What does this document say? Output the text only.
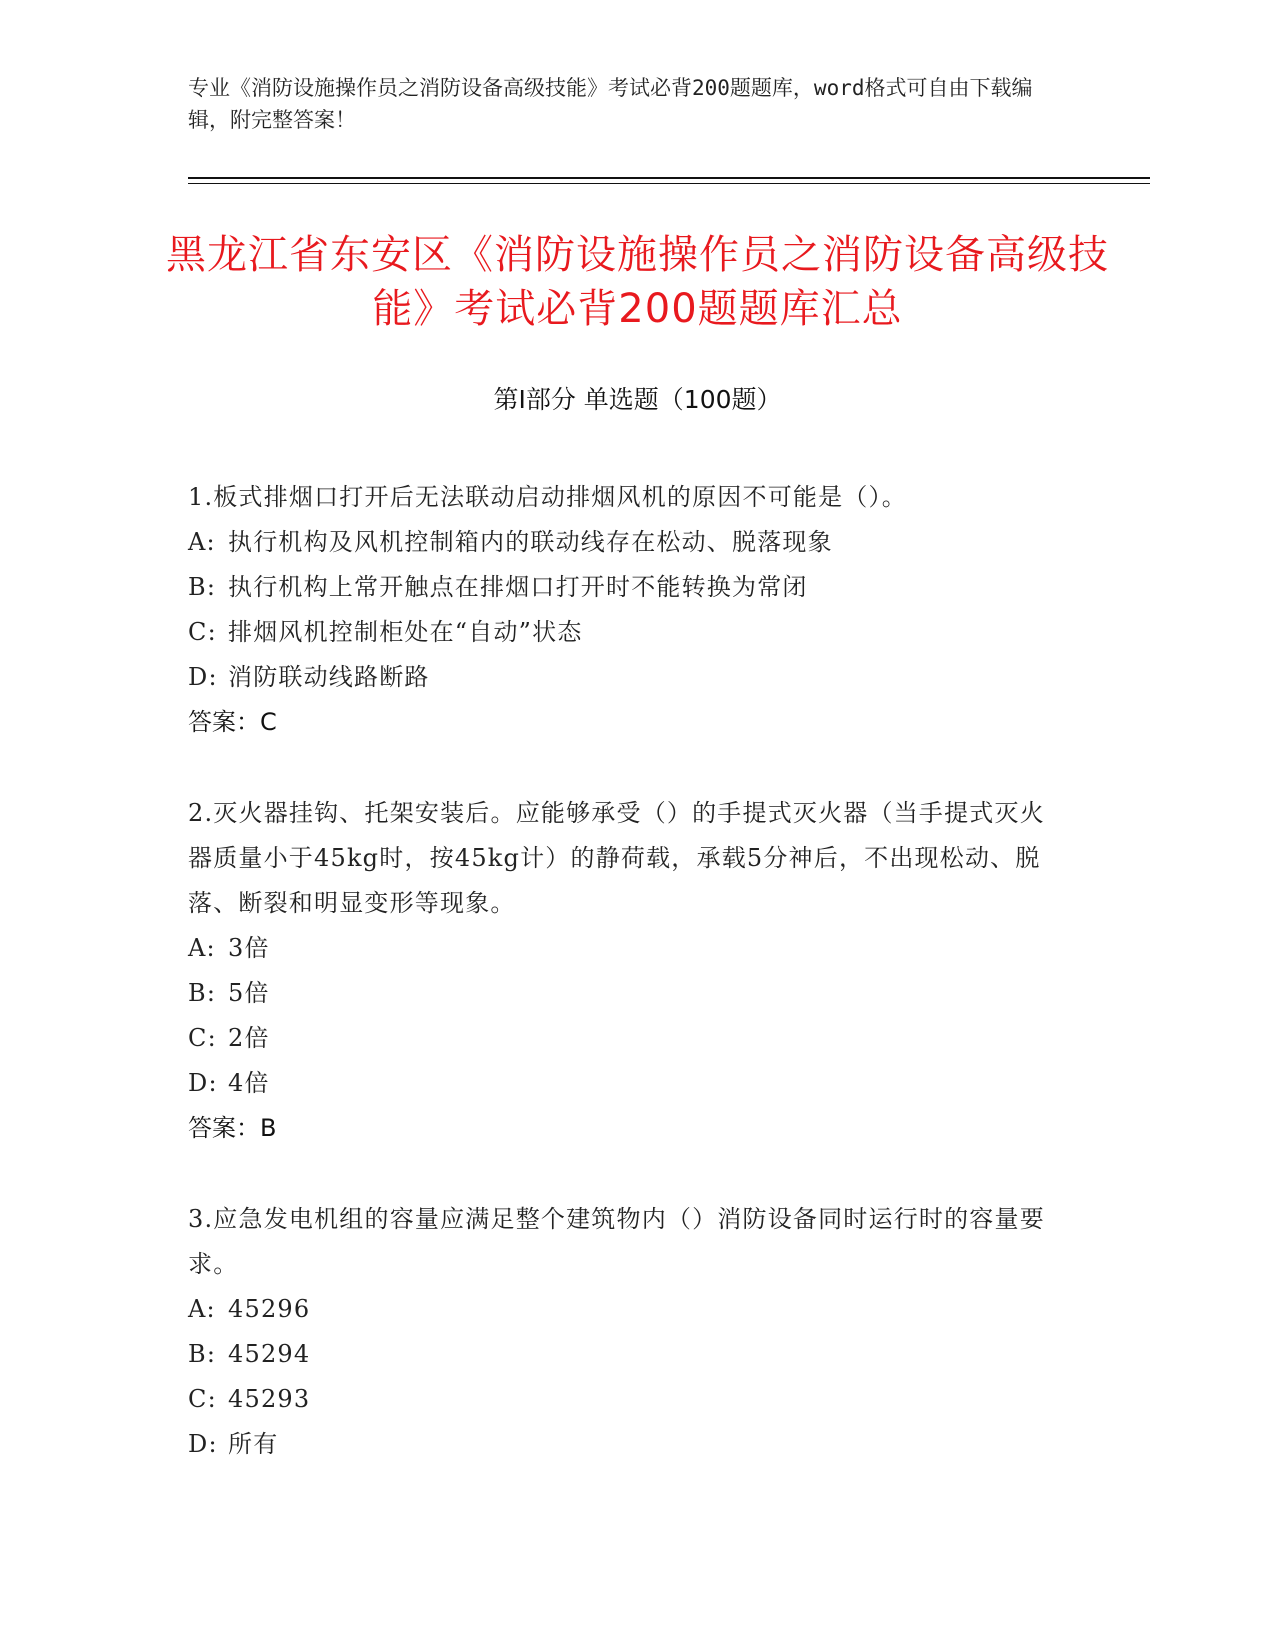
专业《消防设施操作员之消防设备高级技能》考试必背200题题库，word格式可自由下载编辑，附完整答案！
黑龙江省东安区《消防设施操作员之消防设备高级技能》考试必背200题题库汇总
第I部分 单选题（100题）
1.板式排烟口打开后无法联动启动排烟风机的原因不可能是（）。
A: 执行机构及风机控制箱内的联动线存在松动、脱落现象
B: 执行机构上常开触点在排烟口打开时不能转换为常闭
C: 排烟风机控制柜处在“自动”状态
D: 消防联动线路断路
答案：C
2.灭火器挂钩、托架安装后。应能够承受（）的手提式灭火器（当手提式灭火器质量小于45kg时，按45kg计）的静荷载，承载5分神后，不出现松动、脱落、断裂和明显变形等现象。
A: 3倍
B: 5倍
C: 2倍
D: 4倍
答案：B
3.应急发电机组的容量应满足整个建筑物内（）消防设备同时运行时的容量要求。
A: 45296
B: 45294
C: 45293
D: 所有
